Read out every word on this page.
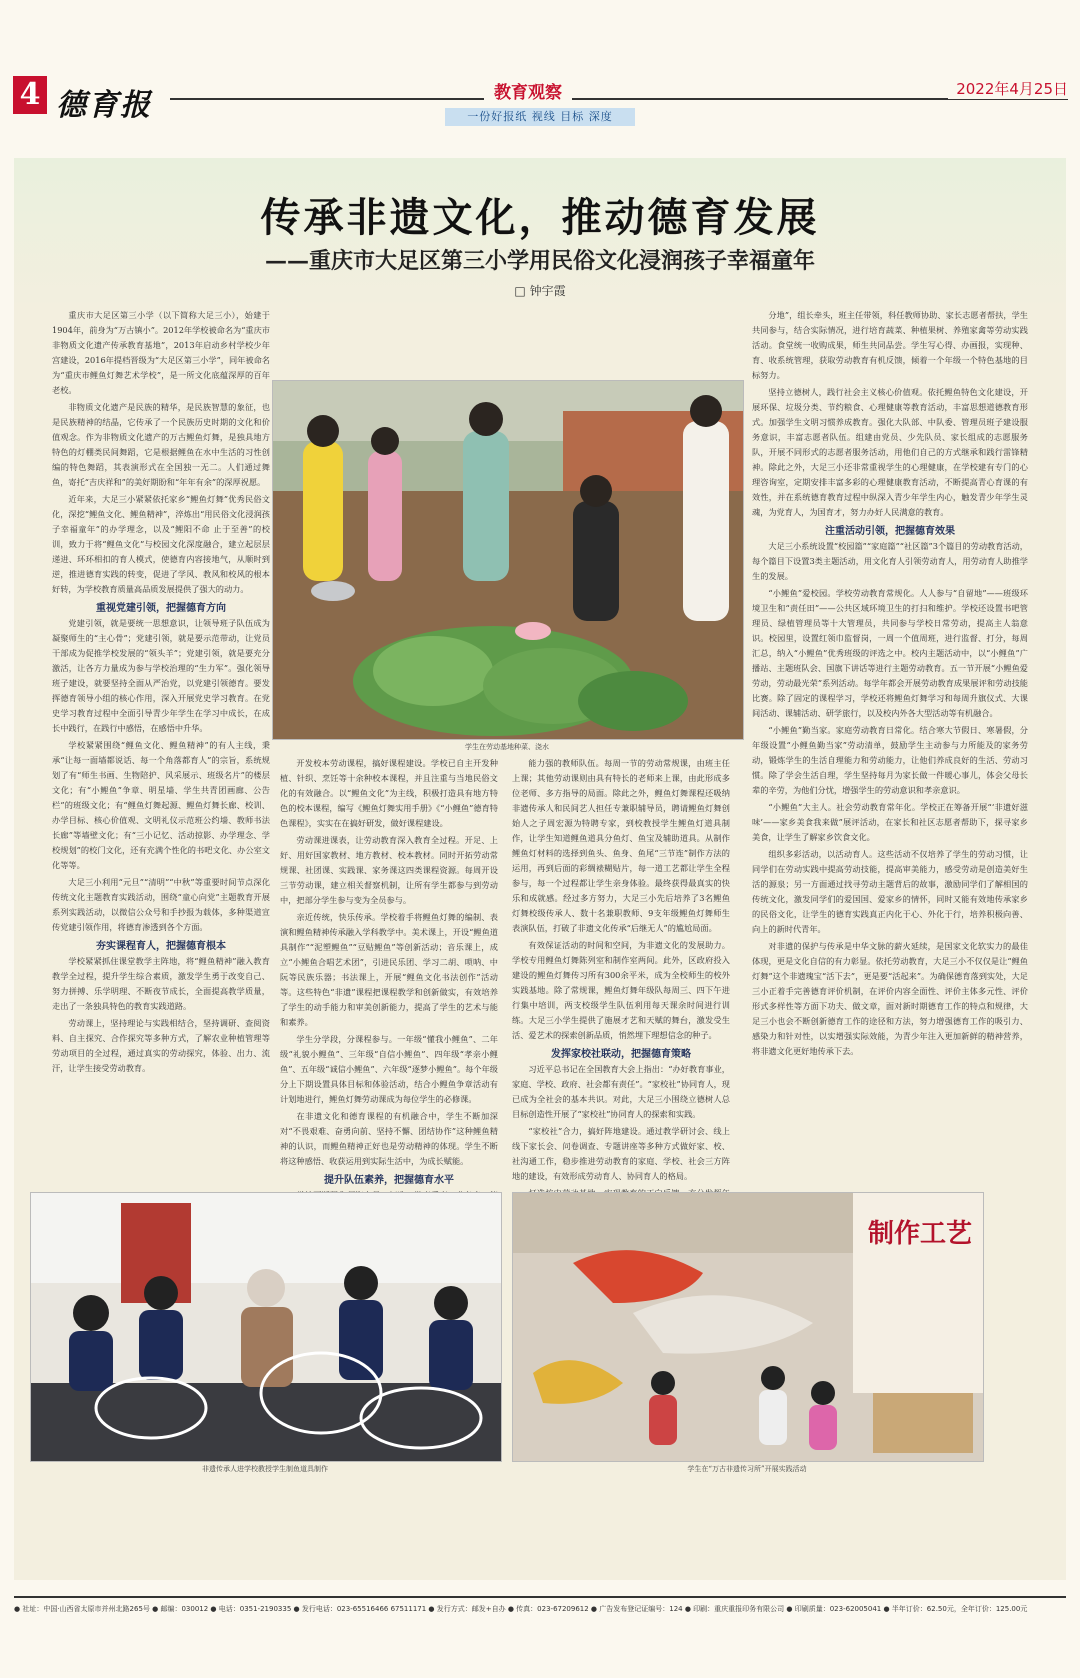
4 德育报	教育观察	2022年4月25日
一份好报纸 视线 目标 深度
传承非遗文化，推动德育发展
——重庆市大足区第三小学用民俗文化浸润孩子幸福童年
□ 钟宇霞

重庆市大足区第三小学（以下简称大足三小），始建于1904年，前身为“万古镇小”。2012年学校被命名为“重庆市非物质文化遗产传承教育基地”，2013年启动乡村学校少年宫建设，2016年提档晋级为“大足区第三小学”，同年被命名为“重庆市鲤鱼灯舞艺术学校”，是一所文化底蕴深厚的百年老校。

非物质文化遗产是民族的精华，是民族智慧的象征，也是民族精神的结晶，它传承了一个民族历史时期的文化和价值观念。作为非物质文化遗产的万古鲤鱼灯舞，是独具地方特色的灯棚类民间舞蹈，它是根据鲤鱼在水中生活的习性创编的特色舞蹈，其表演形式在全国独一无二。人们通过舞鱼，寄托“吉庆祥和”的美好期盼和“年年有余”的深厚祝愿。

近年来，大足三小紧紧依托家乡“鲤鱼灯舞”优秀民俗文化，深挖“鲤鱼文化、鲤鱼精神”，淬炼出“用民俗文化浸润孩子幸福童年”的办学理念，以及“鲤阳不命 止于至善”的校训，致力于将“鲤鱼文化”与校园文化深度融合，建立起层层递进、环环相扣的育人模式，使德育内容接地气，从顺时到逆，推进德育实践的转变，促进了学风、教风和校风的根本好转，为学校教育质量高品质发展提供了强大的动力。

重视党建引领，把握德育方向

党建引领，就是要统一思想意识，让领导班子队伍成为凝聚师生的“主心骨”；党建引领，就是要示范带动，让党员干部成为促推学校发展的“领头羊”；党建引领，就是要充分激活，让各方力量成为参与学校治理的“生力军”。强化领导班子建设，就要坚持全面从严治党，以党建引领德育。要发挥德育领导小组的核心作用，深入开展党史学习教育。在党史学习教育过程中全面引导青少年学生在学习中成长，在成长中践行，在践行中感悟，在感悟中升华。

学校紧紧围绕“鲤鱼文化、鲤鱼精神”的有人主线，秉承“让每一面墙都说话、每一个角落都育人”的宗旨，系统规划了有“师生书画、生物陪护、风采展示、班级名片”的楼层文化；有“小鲤鱼”争章、明星墙、学生共青团画廊、公告栏”的班级文化；有“鲤鱼灯舞起源、鲤鱼灯舞长廊、校训、办学目标、核心价值观、文明礼仪示范班公约墙、教师书法长廊”等墙壁文化；有“三小记忆、活动掠影、办学理念、学校规划”的校门文化，还有充满个性化的书吧文化、办公室文化等等。

大足三小利用“元旦”“清明”“中秋”等重要时间节点深化传统文化主题教育实践活动，围绕“童心向党”主题教育开展系列实践活动，以微信公众号和手抄报为载体，多种渠道宣传党建引领作用，将德育渗透到各个方面。

夯实课程育人，把握德育根本

学校紧紧抓住课堂教学主阵地，将“鲤鱼精神”融入教育教学全过程，提升学生综合素质，激发学生勇于改变自己、努力拼搏、乐学明理、不断夜节成长，全面提高教学质量，走出了一条独具特色的教育实践道路。

劳动课上，坚持理论与实践相结合，坚持调研、查阅资料、自主探究、合作探究等多种方式，了解农业种植管理等劳动项目的全过程，通过真实的劳动探究，体验、出力、流汗，让学生接受劳动教育。

学生在劳动基地种菜、浇水

开发校本劳动课程，搞好课程建设。学校已自主开发种植、针织、烹饪等十余种校本课程，并且注重与当地民俗文化的有效融合。以“鲤鱼文化”为主线，积极打造具有地方特色的校本课程，编写《鲤鱼灯舞实用手册》《“小鲤鱼”德育特色课程》，实实在在搞好研发，做好课程建设。

劳动课进课表，让劳动教育深入教育全过程。开足、上好、用好国家教材、地方教材、校本教材。同时开拓劳动常规课、社团课、实践课、家务课这四类课程资源。每周开设三节劳动课，建立相关督察机制，让所有学生都参与到劳动中，把部分学生参与变为全员参与。

亲近传统，快乐传承。学校着手将鲤鱼灯舞的编制、表演和鲤鱼精神传承融入学科教学中。美术课上，开设“鲤鱼道具制作”“泥塑鲤鱼”“豆贴鲤鱼”等创新活动；音乐课上，成立“小鲤鱼合唱艺术团”，引进民乐团、学习二胡、唢呐、中阮等民族乐器；书法课上，开展“鲤鱼文化书法创作”活动等。这些特色“非遗”课程把课程教学和创新做实，有效培养了学生的动手能力和审美创新能力，提高了学生的艺术与能和素养。

学生分学段，分课程参与。一年级“懂我小鲤鱼”、二年级“礼貌小鲤鱼”、三年级“自信小鲤鱼”、四年级“孝亲小鲤鱼”、五年级“诚信小鲤鱼”、六年级“逐梦小鲤鱼”。每个年级分上下期设置具体目标和体验活动，结合小鲤鱼争章活动有计划地进行，鲤鱼灯舞劳动课成为每位学生的必修课。

在非遗文化和德育课程的有机融合中，学生不断加深对“不畏艰难、奋勇向前、坚持不懈、团结协作”这种鲤鱼精神的认识，而鲤鱼精神正好也是劳动精神的体现。学生不断将这种感悟、收获运用到实际生活中，为成长赋能。

提升队伍素养，把握德育水平

能力强的教师队伍。每周一节的劳动常规课，由班主任上课；其他劳动课则由具有特长的老师来上课，由此形成多位老师、多方指导的局面。除此之外，鲤鱼灯舞课程还吸纳非遗传承人和民间艺人担任专兼职辅导员，聘请鲤鱼灯舞创始人之子周宏源为特聘专家，到校教授学生鲤鱼灯道具制作，让学生知道鲤鱼道具分鱼灯、鱼宝及辅助道具。从制作鲤鱼灯材料的选择到鱼头、鱼身、鱼尾“三节连”制作方法的运用，再到后面的彩绸裱糊贴片，每一道工艺都让学生全程参与，每一个过程都让学生亲身体验。最终获得最真实的快乐和成就感。经过多方努力，大足三小先后培养了3名鲤鱼灯舞校级传承人、数十名兼职教师、9支年级鲤鱼灯舞师生表演队伍，打破了非遗文化传承“后继无人”的尴尬局面。

有效保证活动的时间和空间，为非遗文化的发展助力。学校专用鲤鱼灯舞陈列室和制作室两间。此外，区政府投入建设的鲤鱼灯舞传习所有300余平米，成为全校师生的校外实践基地。除了常规课，鲤鱼灯舞年级队每周三、四下午进行集中培训，两支校级学生队伍利用每天课余时间进行训练。大足三小学生提供了施展才艺和天赋的舞台，激发受生活、爱艺术的探索创新品质，悄然埋下理想信念的种子。

发挥家校社联动，把握德育策略

习近平总书记在全国教育大会上指出：“办好教育事业，家庭、学校、政府、社会都有责任”。“家校社”协同育人，现已成为全社会的基本共识。对此，大足三小围绕立德树人总目标创造性开展了“家校社”协同育人的探索和实践。

“家校社”合力，搞好阵地建设。通过教学研讨会、线上线下家长会、问卷调查、专题讲座等多种方式做好家、校、社沟通工作，稳步推进劳动教育的家庭、学校、社会三方阵地的建设，有效形成劳动育人、协同育人的格局。

分地”，组长牵头，班主任带领，科任教师协助、家长志愿者帮扶，学生共同参与，结合实际情况，进行培育蔬菜、种植果树、养殖家禽等劳动实践活动。食堂统一收购成果，师生共同品尝。学生写心得、办画报，实现种、育、收系统管理，获取劳动教育有机反馈，倾着一个年级一个特色基地的目标努力。

坚持立德树人，践行社会主义核心价值观。依托鲤鱼特色文化建设，开展环保、垃圾分类、节约粮食、心理健康等教育活动，丰富思想道德教育形式。加强学生文明习惯养成教育。强化大队部、中队委、管理员班子建设服务意识，丰富志愿者队伍。组建由党员、少先队员、家长组成的志愿服务队，开展不同形式的志愿者服务活动，用他们自己的方式继承和践行雷锋精神。除此之外，大足三小还非常重视学生的心理健康，在学校建有专门的心理咨询室，定期安排丰富多彩的心理健康教育活动，不断提高青心育课的有效性，并在系统德育教育过程中纵深入青少年学生内心，触发青少年学生灵魂，为党育人，为国育才，努力办好人民满意的教育。

注重活动引领，把握德育效果

大足三小系统设置“校园篇”“家庭篇”“社区篇”3个篇目的劳动教育活动，每个篇目下设置3类主题活动，用文化育人引领劳动育人，用劳动育人助推学生的发展。

“小鲤鱼”爱校园。学校劳动教育常规化。人人参与“自留地”——班级环境卫生和“责任田”——公共区域环境卫生的打扫和维护。学校还设置书吧管理员、绿植管理员等十大管理员，共同参与学校日常劳动，提高主人翁意识。校园里，设置红领巾监督岗，一周一个值周班，进行监督、打分，每周汇总，纳入“小鲤鱼”优秀班级的评选之中。校内主题活动中，以“小鲤鱼”广播站、主题班队会、国旗下讲话等进行主题劳动教育。五一节开展“小鲤鱼爱劳动，劳动最光荣”系列活动。每学年都会开展劳动教育成果展评和劳动技能比赛。除了固定的课程学习，学校还将鲤鱼灯舞学习和每周升旗仪式、大课间活动、课辅活动、研学旅行，以及校内外各大型活动等有机融合。

“小鲤鱼”勤当家。家庭劳动教育日常化。结合寒大节假日、寒暑假，分年级设置“小鲤鱼勤当家”劳动清单，鼓励学生主动参与力所能及的家务劳动，锻炼学生的生活自理能力和劳动能力，让他们养成良好的生活、劳动习惯。除了学会生活自理，学生坚持每月为家长做一件暖心事儿，体会父母长辈的辛劳，为他们分忧，增强学生的劳动意识和孝亲意识。

“小鲤鱼”大主人。社会劳动教育常年化。学校正在筹备开展“‘非遗好滋味’——家乡美食我来做”展评活动，在家长和社区志愿者帮助下，探寻家乡美食，让学生了解家乡饮食文化。

组织多彩活动，以活动育人。这些活动不仅培养了学生的劳动习惯，让同学们在劳动实践中提高劳动技能，提高审美能力，感受劳动是创造美好生活的源泉；另一方面通过找寻劳动主题背后的故事，激励同学们了解相国的传统文化，激发同学们的爱国国、爱家乡的情怀，同时又能有效地传承家乡的民俗文化，让学生的德育实践真正内化于心、外化于行，培养积极向善、向上的新时代青年。

对非遗的保护与传承是中华文脉的薪火延续，是国家文化软实力的最佳体现，更是文化自信的有力彰显。依托劳动教育，大足三小不仅仅是让“鲤鱼灯舞”这个非遗瑰宝“活下去”，更是要“活起来”。为确保德育落到实处，大足三小正着手完善德育评价机制，在评价内容全面性、评价主体多元性、评价形式多样性等方面下功夫、做文章，面对新时期德育工作的特点和规律，大足三小也会不断创新德育工作的途径和方法，努力增强德育工作的吸引力、感染力和针对性，以实增强实际效能，为青少年注入更加新鲜的精神营养，将非遗文化更好地传承下去。

非遗传承人进学校教授学生制鱼道具制作
制作工艺
学生在“万古非遗传习所”开展实践活动
● 社址：中国·山西省太原市并州北路265号 ● 邮编：030012 ● 电话：0351-2190335 ● 发行电话：023-65516466 67511171 ● 发行方式：邮发+自办 ● 传真：023-67209612 ● 广告发布登记证编号：124 ● 印刷：重庆重报印务有限公司 ● 印刷质量：023-62005041 ● 半年订价：62.50元，全年订价：125.00元
